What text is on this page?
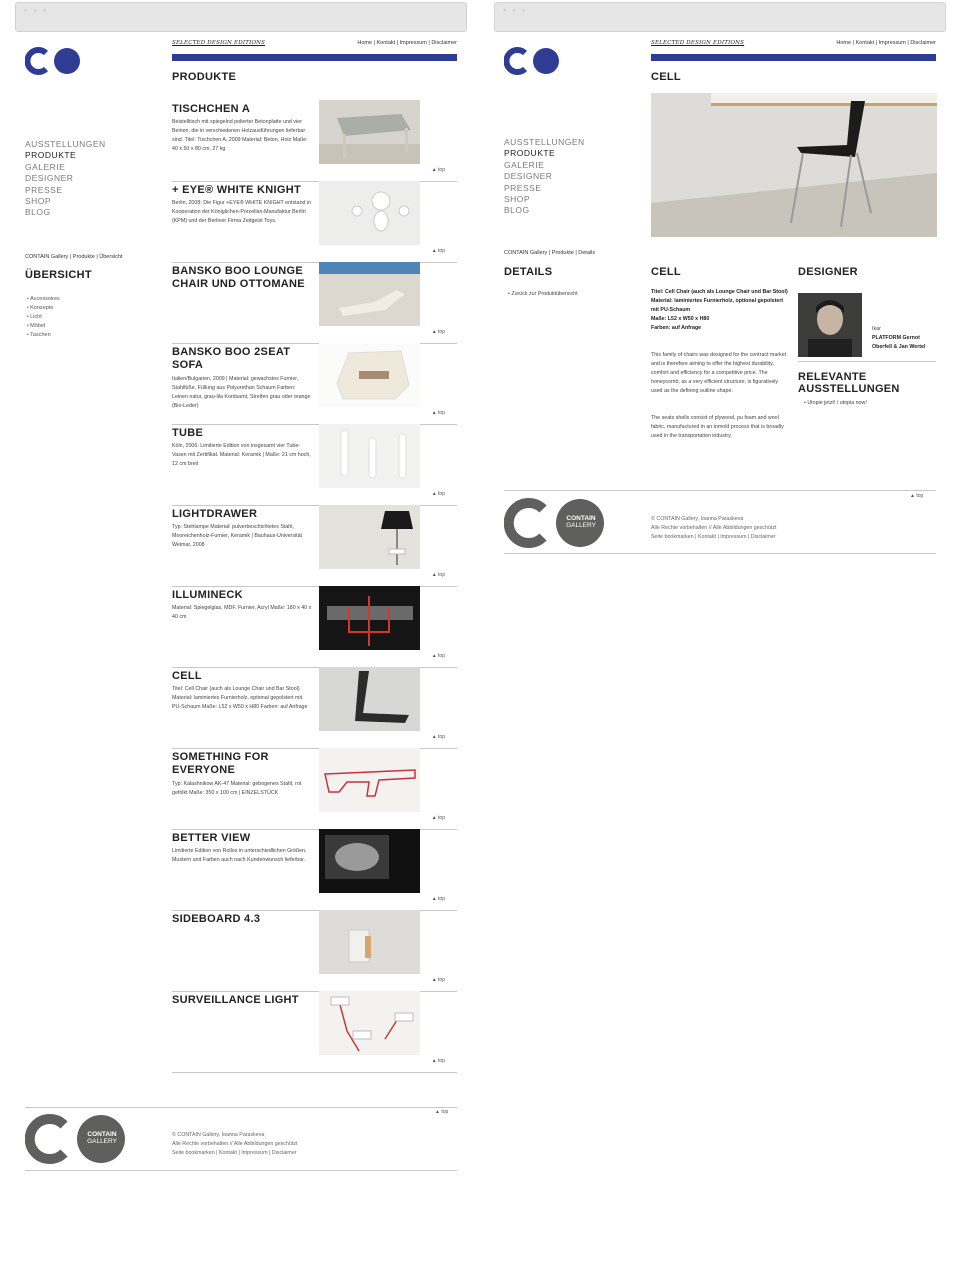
● ● ●
AUSSTELLUNGEN
PRODUKTE
GALERIE
DESIGNER
PRESSE
SHOP
BLOG
CONTAIN Gallery | Produkte | Übersicht
ÜBERSICHT
• Accessoires
• Konzepte
• Licht
• Möbel
• Taschen
SELECTED DESIGN EDITIONS	Home | Kontakt | Impressum | Disclaimer
PRODUKTE
TISCHCHEN A
Beistelltisch mit spiegelnd polierter Betonplatte und vier Beinen, die in verschiedenen Holzausführungen lieferbar sind. Titel: Tischchen A, 2009 Material: Beton, Holz Maße: 40 x 50 x 80 cm, 27 kg
▲ top
+ EYE® WHITE KNIGHT
Berlin, 2008: Die Figur +EYE® WHITE KNIGHT entstand in Kooperation der Königlichen-Porzellan-Manufaktur Berlin (KPM) und der Berliner Firma Zeitgeist Toys.
▲ top
BANSKO BOO LOUNGE CHAIR UND OTTOMANE
▲ top
BANSKO BOO 2SEAT SOFA
Italien/Bulgarien, 2009 | Material: gewachstes Furnier, Stahlfüße, Füllung aus Polyurethan Schaum Farben: Leinen natur, grau-lila Kordsamt, Streifen grau oder orange (Bio-Leder)
▲ top
TUBE
Köln, 2006: Limitierte Edition von insgesamt vier Tube-Vasen mit Zertifikat. Material: Keramik | Maße: 21 cm hoch, 12 cm breit
▲ top
LIGHTDRAWER
Typ: Stehlampe Material: pulverbeschichtetes Stahl, Mooreichenholz-Furnier, Keramik | Bauhaus-Universität Weimar, 2008
▲ top
ILLUMINECK
Material: Spiegelglas, MDF, Furnier, Acryl Maße: 180 x 40 x 40 cm
▲ top
CELL
Titel: Cell Chair (auch als Lounge Chair und Bar Stool) Material: laminiertes Furnierholz, optional gepolstert mit PU-Schaum Maße: L52 x W50 x H80 Farben: auf Anfrage
▲ top
SOMETHING FOR EVERYONE
Typ: Kalashnikow AK-47 Material: gebogenes Stahl, rot gefolkt Maße: 350 x 100 cm | EINZELSTÜCK
▲ top
BETTER VIEW
Limitierte Edition von Rollos in unterschiedlichen Größen, Mustern und Farben auch nach Kundenwunsch lieferbar.
▲ top
SIDEBOARD 4.3
▲ top
SURVEILLANCE LIGHT
▲ top
▲ top
CONTAIN
GALLERY
© CONTAIN Gallery, Ioanna Paraskeva
Alle Rechte vorbehalten // Alle Abbildungen geschützt
Seite bookmarken | Kontakt | Impressum | Disclaimer
● ● ●
AUSSTELLUNGEN
PRODUKTE
GALERIE
DESIGNER
PRESSE
SHOP
BLOG
CONTAIN Gallery | Produkte | Details
SELECTED DESIGN EDITIONS	Home | Kontakt | Impressum | Disclaimer
CELL
DETAILS
• Zurück zur Produktübersicht
CELL
Titel: Cell Chair (auch als Lounge Chair und Bar Stool)
Material: laminiertes Furnierholz, optional gepolstert mit PU-Schaum
Maße: L52 x W50 x H80
Farben: auf Anfrage
This family of chairs was designed for the contract market and is therefore aiming to offer the highest durability, comfort and efficiency for a competitive price. The honeycomb, as a very efficient structure, is figuratively used as the defining outline shape.
The seats shells consist of plywood, pu foam and wool fabric, manufactured in an inmold process that is broadly used in the transportation industry.
DESIGNER
Ikar
PLATFORM Gernot Oberfell & Jan Wertel
RELEVANTE AUSSTELLUNGEN
• Utopie jetzt! / utopia now!
▲ top
CONTAIN
GALLERY
© CONTAIN Gallery, Ioanna Paraskeva
Alle Rechte vorbehalten // Alle Abbildungen geschützt
Seite bookmarken | Kontakt | Impressum | Disclaimer
